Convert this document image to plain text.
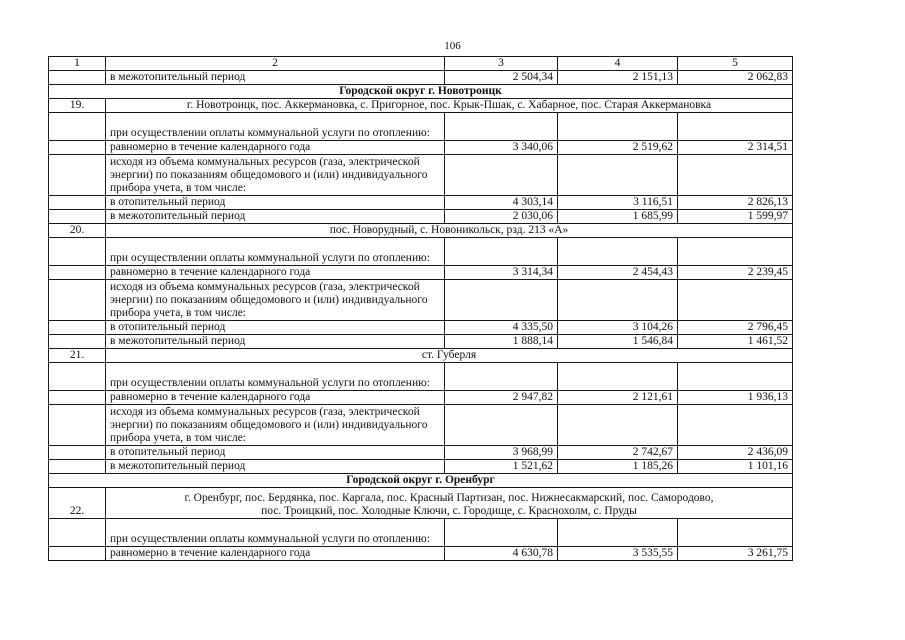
106
1	2	3	4	5
	в межотопительный период	2 504,34	2 151,13	2 062,83
Городской округ г. Новотроицк				
19.	г. Новотроицк, пос. Аккермановка, с. Пригорное, пос. Крык-Пшак, с. Хабарное, пос. Старая Аккермановка			
	при осуществлении оплаты коммунальной услуги по отоплению:			
	равномерно в течение календарного года	3 340,06	2 519,62	2 314,51
	исходя из объема коммунальных ресурсов (газа, электрической энергии) по показаниям общедомового и (или) индивидуального прибора учета, в том числе:			
	в отопительный период	4 303,14	3 116,51	2 826,13
	в межотопительный период	2 030,06	1 685,99	1 599,97
20.	пос. Новорудный, с. Новоникольск, рзд. 213 «А»			
	при осуществлении оплаты коммунальной услуги по отоплению:			
	равномерно в течение календарного года	3 314,34	2 454,43	2 239,45
	исходя из объема коммунальных ресурсов (газа, электрической энергии) по показаниям общедомового и (или) индивидуального прибора учета, в том числе:			
	в отопительный период	4 335,50	3 104,26	2 796,45
	в межотопительный период	1 888,14	1 546,84	1 461,52
21.	ст. Губерля			
	при осуществлении оплаты коммунальной услуги по отоплению:			
	равномерно в течение календарного года	2 947,82	2 121,61	1 936,13
	исходя из объема коммунальных ресурсов (газа, электрической энергии) по показаниям общедомового и (или) индивидуального прибора учета, в том числе:			
	в отопительный период	3 968,99	2 742,67	2 436,09
	в межотопительный период	1 521,62	1 185,26	1 101,16
Городской округ г. Оренбург				
22.	г. Оренбург, пос. Бердянка, пос. Каргала, пос. Красный Партизан, пос. Нижнесакмарский, пос. Самородово,
пос. Троицкий, пос. Холодные Ключи, с. Городище, с. Краснохолм, с. Пруды			

	при осуществлении оплаты коммунальной услуги по отоплению:			
	равномерно в течение календарного года	4 630,78	3 535,55	3 261,75
